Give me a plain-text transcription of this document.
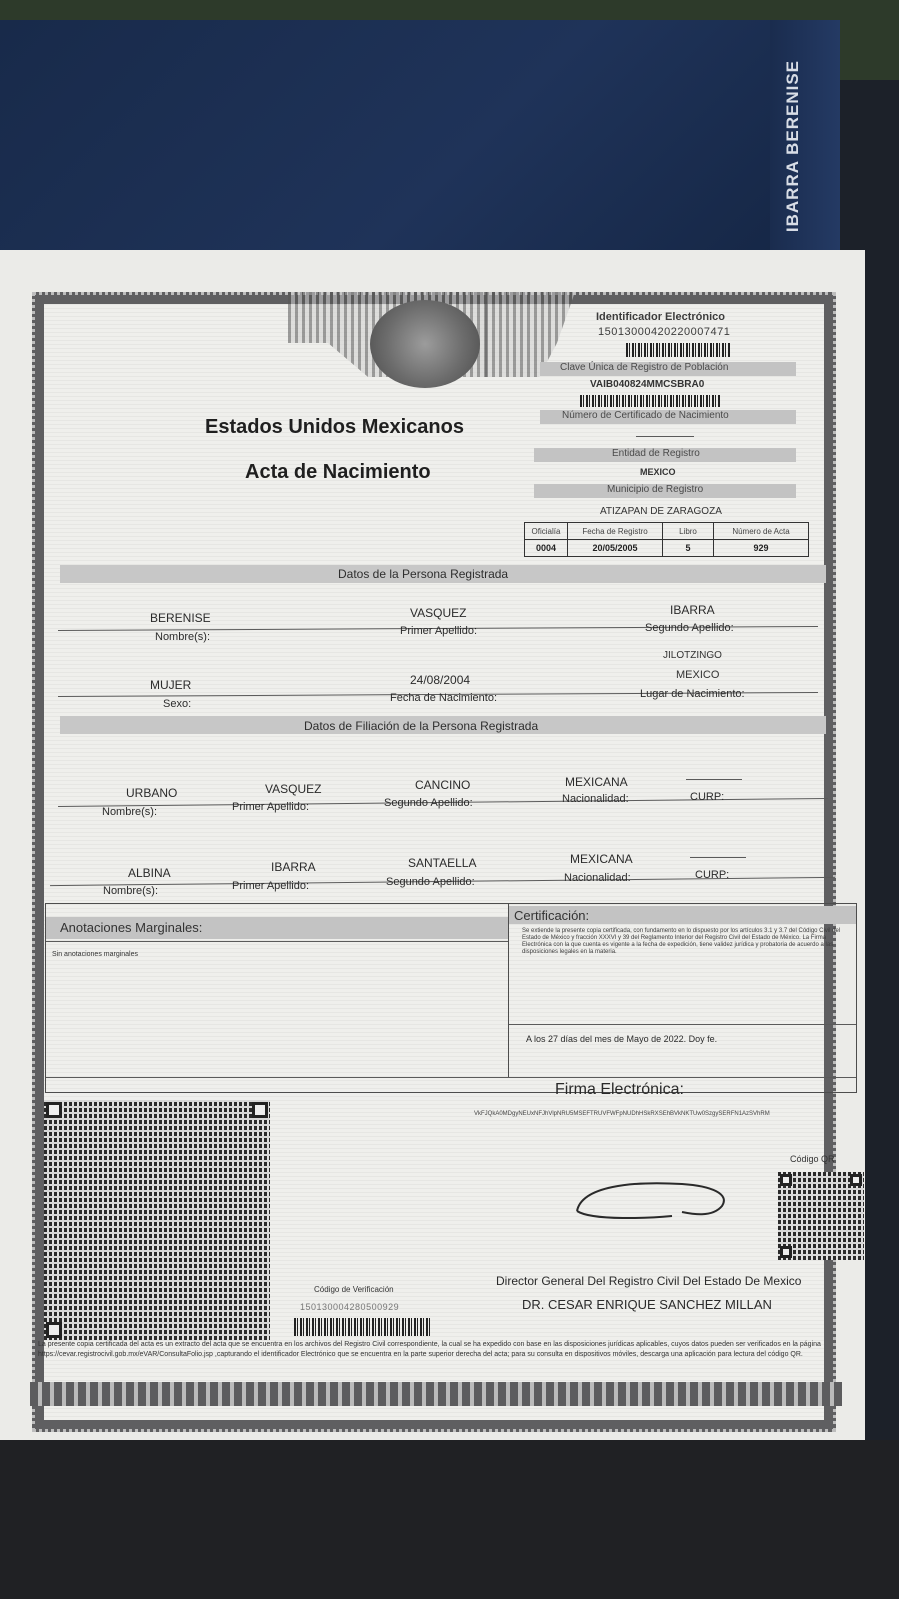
IBARRA BERENISE
Estados Unidos Mexicanos
Acta de Nacimiento
Identificador Electrónico
15013000420220007471
Clave Única de Registro de Población
VAIB040824MMCSBRA0
Número de Certificado de Nacimiento
Entidad de Registro
MEXICO
Municipio de Registro
ATIZAPAN DE ZARAGOZA
Oficialía	Fecha de Registro	Libro	Número de Acta
0004	20/05/2005	5	929
Datos de la Persona Registrada
BERENISE	VASQUEZ	IBARRA
Nombre(s):	Primer Apellido:	Segundo Apellido:
JILOTZINGO
MUJER	24/08/2004	MEXICO
Sexo:	Fecha de Nacimiento:	Lugar de Nacimiento:
Datos de Filiación de la Persona Registrada
URBANO	VASQUEZ	CANCINO	MEXICANA
Nombre(s):	Primer Apellido:	Segundo Apellido:	Nacionalidad:	CURP:
ALBINA	IBARRA	SANTAELLA	MEXICANA
Nombre(s):	Primer Apellido:	Segundo Apellido:	Nacionalidad:	CURP:
Anotaciones Marginales:
Sin anotaciones marginales
Certificación:
Se extiende la presente copia certificada, con fundamento en lo dispuesto por los artículos 3.1 y 3.7 del Código Civil del Estado de México y fracción XXXVI y 39 del Reglamento Interior del Registro Civil del Estado de México. La Firma Electrónica con la que cuenta es vigente a la fecha de expedición, tiene validez jurídica y probatoria de acuerdo a las disposiciones legales en la materia.
A los 27 días del mes de Mayo de 2022. Doy fe.
Firma Electrónica:
VkFJQkA0MDgyNEUxNFJhVlpNRU5MSEFTRUVFWFpNUDhHSkRXSEhBVkNKTUw0SzgySERFN1AzSVhRM
Código QR
Código de Verificación
150130004280500929
Director General Del Registro Civil Del Estado De Mexico
DR. CESAR ENRIQUE SANCHEZ MILLAN
La presente copia certificada del acta es un extracto del acta que se encuentra en los archivos del Registro Civil correspondiente, la cual se ha expedido con base en las disposiciones jurídicas aplicables, cuyos datos pueden ser verificados en la página https://cevar.registrocivil.gob.mx/eVAR/ConsultaFolio.jsp ,capturando el identificador Electrónico que se encuentra en la parte superior derecha del acta; para su consulta en dispositivos móviles, descarga una aplicación para lectura del código QR.
